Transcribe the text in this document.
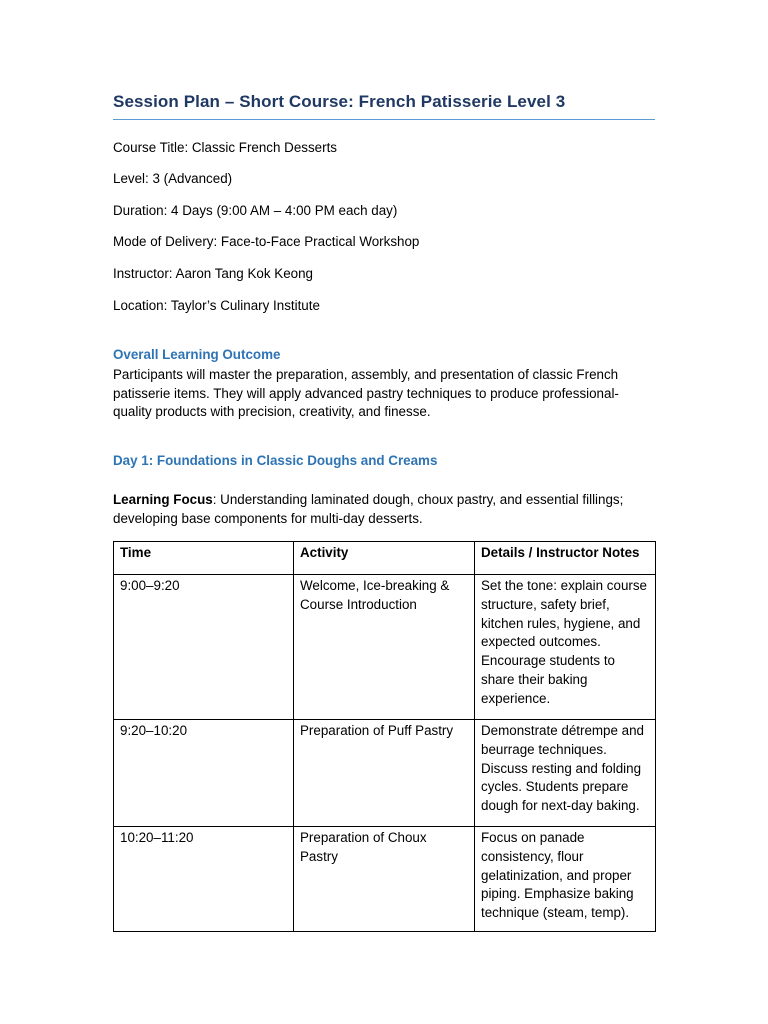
Session Plan – Short Course: French Patisserie Level 3
Course Title: Classic French Desserts
Level: 3 (Advanced)
Duration: 4 Days (9:00 AM – 4:00 PM each day)
Mode of Delivery: Face-to-Face Practical Workshop
Instructor: Aaron Tang Kok Keong
Location: Taylor’s Culinary Institute
Overall Learning Outcome
Participants will master the preparation, assembly, and presentation of classic French patisserie items. They will apply advanced pastry techniques to produce professional-quality products with precision, creativity, and finesse.
Day 1: Foundations in Classic Doughs and Creams
Learning Focus: Understanding laminated dough, choux pastry, and essential fillings; developing base components for multi-day desserts.
Time	Activity	Details / Instructor Notes
9:00–9:20	Welcome, Ice-breaking & Course Introduction	Set the tone: explain course structure, safety brief, kitchen rules, hygiene, and expected outcomes. Encourage students to share their baking experience.
9:20–10:20	Preparation of Puff Pastry	Demonstrate détrempe and beurrage techniques. Discuss resting and folding cycles. Students prepare dough for next-day baking.
10:20–11:20	Preparation of Choux Pastry	Focus on panade consistency, flour gelatinization, and proper piping. Emphasize baking technique (steam, temp).
